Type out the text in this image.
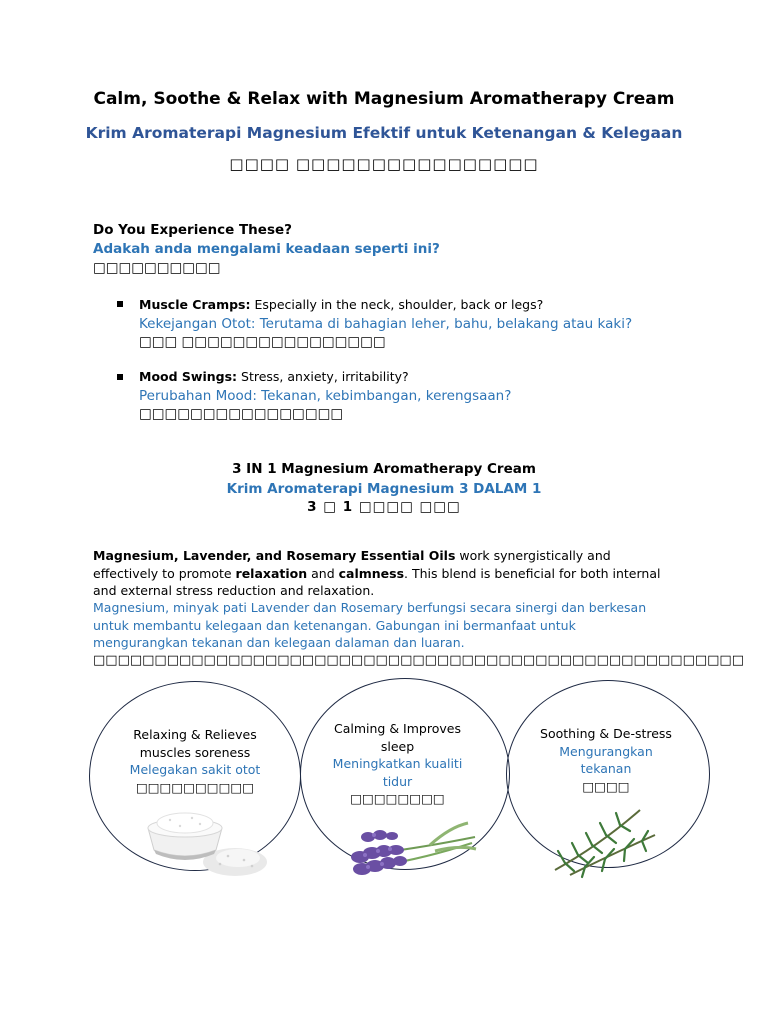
Calm, Soothe & Relax with Magnesium Aromatherapy Cream
Krim Aromaterapi Magnesium Efektif untuk Ketenangan & Kelegaan
□□□□ □□□□□□□□□□□□□□□□
Do You Experience These?
Adakah anda mengalami keadaan seperti ini?
□□□□□□□□□□
Muscle Cramps: Especially in the neck, shoulder, back or legs?
Kekejangan Otot: Terutama di bahagian leher, bahu, belakang atau kaki?
□□□ □□□□□□□□□□□□□□□□
Mood Swings: Stress, anxiety, irritability?
Perubahan Mood: Tekanan, kebimbangan, kerengsaan?
□□□□□□□□□□□□□□□□
3 IN 1 Magnesium Aromatherapy Cream
Krim Aromaterapi Magnesium 3 DALAM 1
3 □ 1 □□□□ □□□
Magnesium, Lavender, and Rosemary Essential Oils work synergistically and effectively to promote relaxation and calmness. This blend is beneficial for both internal and external stress reduction and relaxation.
Magnesium, minyak pati Lavender dan Rosemary berfungsi secara sinergi dan berkesan untuk membantu kelegaan dan ketenangan. Gabungan ini bermanfaat untuk mengurangkan tekanan dan kelegaan dalaman dan luaran.
□□□□□□□□□□□□□□□□□□□□□□□□□□□□□□□□□□□□□□□□□□□□□□□□□□□□□
Relaxing & Relieves muscles soreness
Melegakan sakit otot
□□□□□□□□□□
Calming & Improves sleep
Meningkatkan kualiti tidur
□□□□□□□□
Soothing & De-stress
Mengurangkan tekanan
□□□□
